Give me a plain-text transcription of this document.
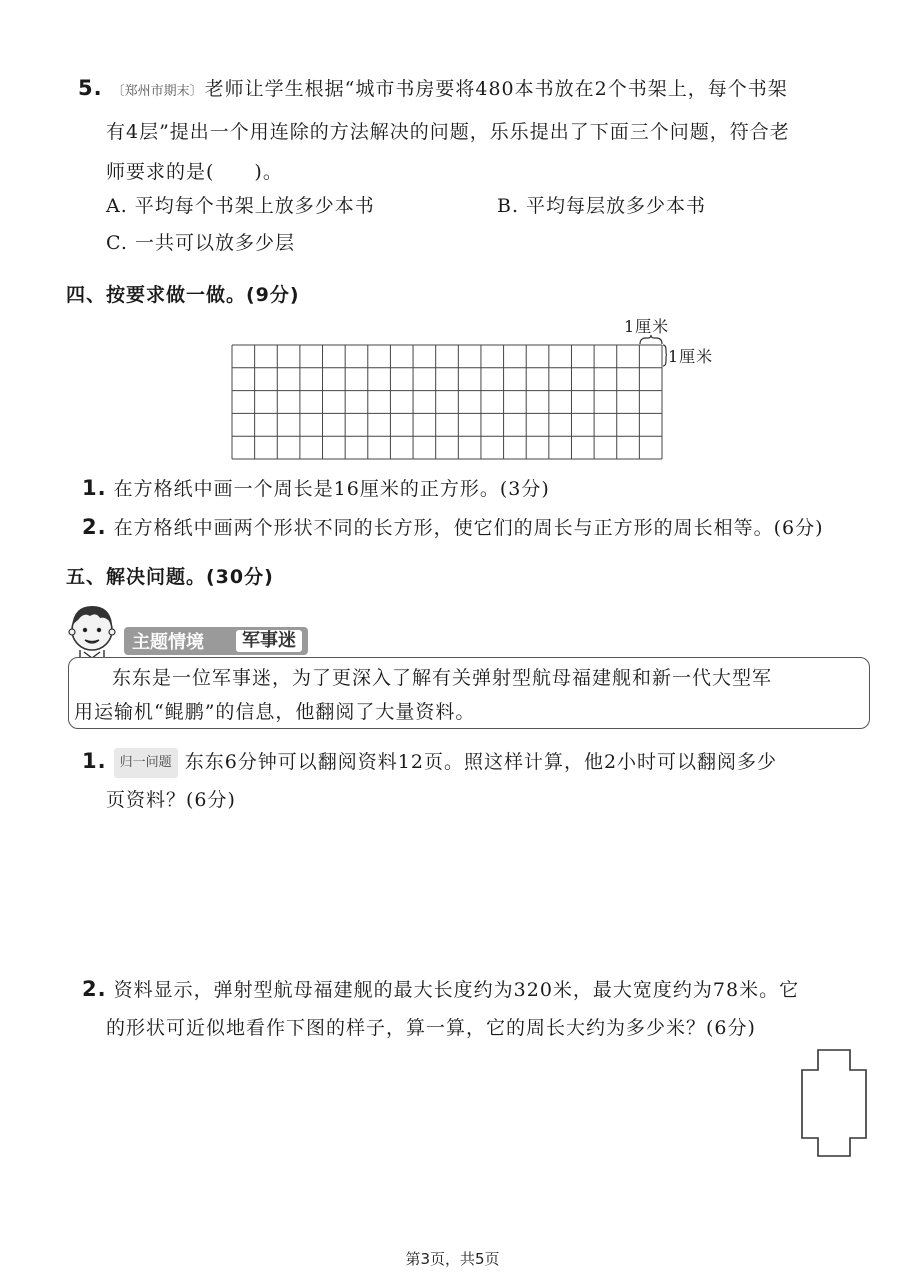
5. 〔郑州市期末〕 老师让学生根据“城市书房要将480本书放在2个书架上，每个书架
有4层”提出一个用连除的方法解决的问题，乐乐提出了下面三个问题，符合老
师要求的是( )。
A. 平均每个书架上放多少本书	B. 平均每层放多少本书
C. 一共可以放多少层
四、按要求做一做。(9分)
1厘米
1厘米
1. 在方格纸中画一个周长是16厘米的正方形。(3分)
2. 在方格纸中画两个形状不同的长方形，使它们的周长与正方形的周长相等。(6分)
五、解决问题。(30分)
主题情境	军事迷
东东是一位军事迷，为了更深入了解有关弹射型航母福建舰和新一代大型军
用运输机“鲲鹏”的信息，他翻阅了大量资料。
1. 归一问题 东东6分钟可以翻阅资料12页。照这样计算，他2小时可以翻阅多少
页资料？(6分)
2. 资料显示，弹射型航母福建舰的最大长度约为320米，最大宽度约为78米。它
的形状可近似地看作下图的样子，算一算，它的周长大约为多少米？(6分)
第3页，共5页
